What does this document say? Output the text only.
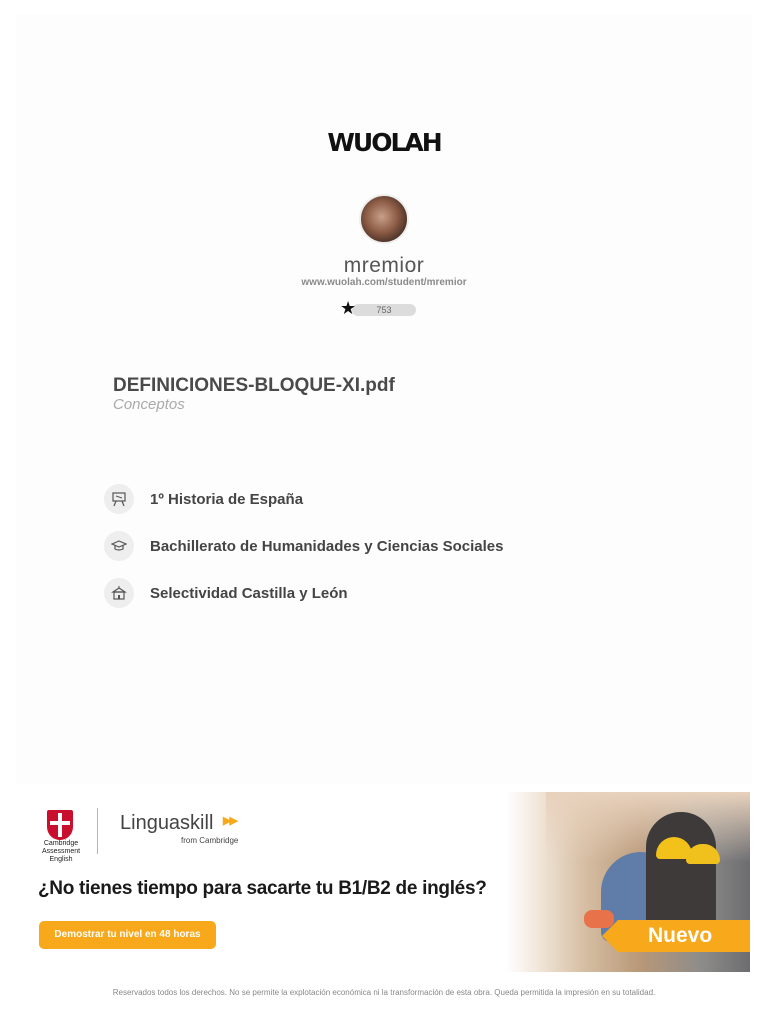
WUOLAH
mremior
www.wuolah.com/student/mremior
★	753
DEFINICIONES-BLOQUE-XI.pdf
Conceptos
1º Historia de España
Bachillerato de Humanidades y Ciencias Sociales
Selectividad Castilla y León
Nuevo
Cambridge Assessment English
Linguaskill ▶▶
from Cambridge
¿No tienes tiempo para sacarte tu B1/B2 de inglés?
Demostrar tu nivel en 48 horas
Reservados todos los derechos. No se permite la explotación económica ni la transformación de esta obra. Queda permitida la impresión en su totalidad.
